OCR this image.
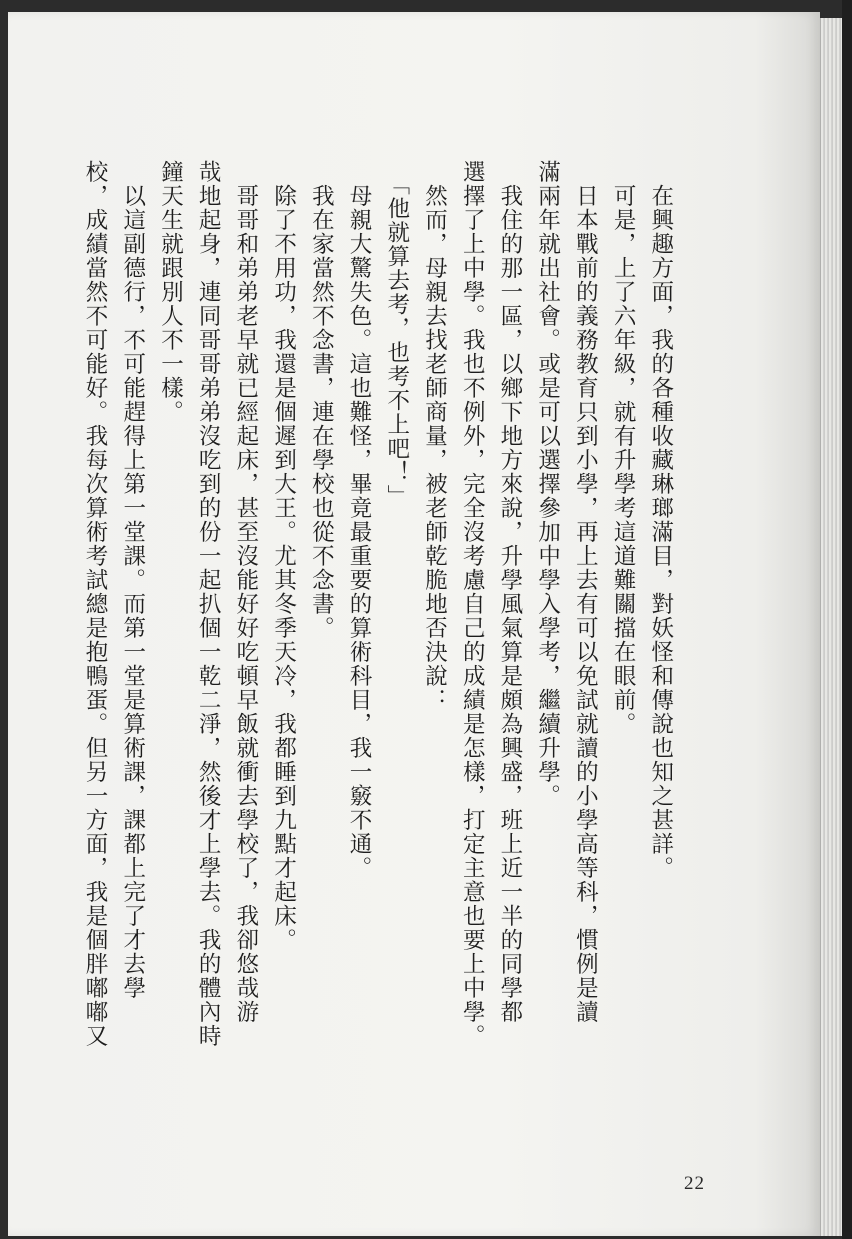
　在興趣方面，我的各種收藏琳瑯滿目，對妖怪和傳說也知之甚詳。
　可是，上了六年級，就有升學考這道難關擋在眼前。
　日本戰前的義務教育只到小學，再上去有可以免試就讀的小學高等科，慣例是讀
滿兩年就出社會。或是可以選擇參加中學入學考，繼續升學。
　我住的那一區，以鄉下地方來說，升學風氣算是頗為興盛，班上近一半的同學都
選擇了上中學。我也不例外，完全沒考慮自己的成績是怎樣，打定主意也要上中學。
　然而，母親去找老師商量，被老師乾脆地否決說：
　「他就算去考，也考不上吧！」
　母親大驚失色。這也難怪，畢竟最重要的算術科目，我一竅不通。
　我在家當然不念書，連在學校也從不念書。
　除了不用功，我還是個遲到大王。尤其冬季天冷，我都睡到九點才起床。
　哥哥和弟弟老早就已經起床，甚至沒能好好吃頓早飯就衝去學校了，我卻悠哉游
哉地起身，連同哥哥弟弟沒吃到的份一起扒個一乾二淨，然後才上學去。我的體內時
鐘天生就跟別人不一樣。
　以這副德行，不可能趕得上第一堂課。而第一堂是算術課，課都上完了才去學
校，成績當然不可能好。我每次算術考試總是抱鴨蛋。但另一方面，我是個胖嘟嘟又
22
